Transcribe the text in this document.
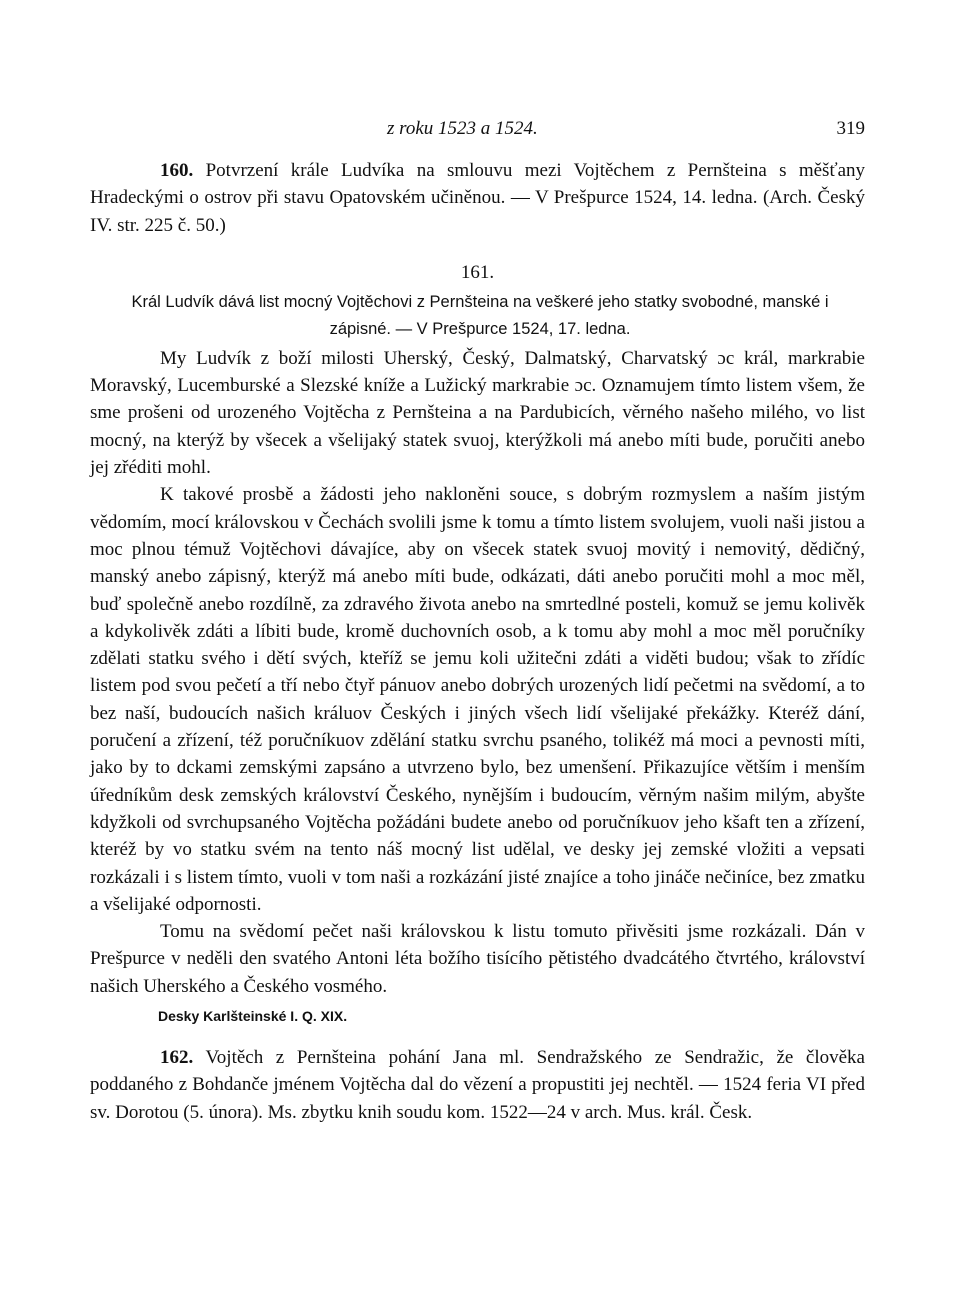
z roku 1523 a 1524.	319

160. Potvrzení krále Ludvíka na smlouvu mezi Vojtěchem z Pernšteina s měšťany Hradeckými o ostrov při stavu Opatovském učiněnou. — V Prešpurce 1524, 14. ledna. (Arch. Český IV. str. 225 č. 50.)

161.

Král Ludvík dává list mocný Vojtěchovi z Pernšteina na veškeré jeho statky svobodné, manské i zápisné. — V Prešpurce 1524, 17. ledna.

My Ludvík z boží milosti Uherský, Český, Dalmatský, Charvatský ɔc král, markrabie Moravský, Lucemburské a Slezské kníže a Lužický markrabie ɔc. Oznamujem tímto listem všem, že sme prošeni od urozeného Vojtěcha z Pernšteina a na Pardubicích, věrného našeho milého, vo list mocný, na kterýž by všecek a všelijaký statek svuoj, kterýžkoli má anebo míti bude, poručiti anebo jej zřéditi mohl.

K takové prosbě a žádosti jeho nakloněni souce, s dobrým rozmyslem a naším jistým vědomím, mocí královskou v Čechách svolili jsme k tomu a tímto listem svolujem, vuoli naši jistou a moc plnou témuž Vojtěchovi dávajíce, aby on všecek statek svuoj movitý i nemovitý, dědičný, manský anebo zápisný, kterýž má anebo míti bude, odkázati, dáti anebo poručiti mohl a moc měl, buď společně anebo rozdílně, za zdravého života anebo na smrtedlné posteli, komuž se jemu kolivěk a kdykolivěk zdáti a líbiti bude, kromě duchovních osob, a k tomu aby mohl a moc měl poručníky zdělati statku svého i dětí svých, kteříž se jemu koli užitečni zdáti a viděti budou; však to zřídíc listem pod svou pečetí a tří nebo čtyř pánuov anebo dobrých urozených lidí pečetmi na svědomí, a to bez naší, budoucích našich králuov Českých i jiných všech lidí všelijaké překážky. Kteréž dání, poručení a zřízení, též poručníkuov zdělání statku svrchu psaného, tolikéž má moci a pevnosti míti, jako by to dckami zemskými zapsáno a utvrzeno bylo, bez umenšení. Přikazujíce větším i menším úředníkům desk zemských království Českého, nynějším i budoucím, věrným našim milým, abyšte kdyžkoli od svrchupsaného Vojtěcha požádáni budete anebo od poručníkuov jeho kšaft ten a zřízení, kteréž by vo statku svém na tento náš mocný list udělal, ve desky jej zemské vložiti a vepsati rozkázali i s listem tímto, vuoli v tom naši a rozkázání jisté znajíce a toho jináče nečiníce, bez zmatku a všelijaké odpornosti.

Tomu na svědomí pečet naši královskou k listu tomuto přivěsiti jsme rozkázali. Dán v Prešpurce v neděli den svatého Antoni léta božího tisícího pětistého dvadcátého čtvrtého, království našich Uherského a Českého vosmého.

Desky Karlšteinské I. Q. XIX.

162. Vojtěch z Pernšteina pohání Jana ml. Sendražského ze Sendražic, že člověka poddaného z Bohdanče jménem Vojtěcha dal do vězení a propustiti jej nechtěl. — 1524 feria VI před sv. Dorotou (5. února). Ms. zbytku knih soudu kom. 1522—24 v arch. Mus. král. Česk.
